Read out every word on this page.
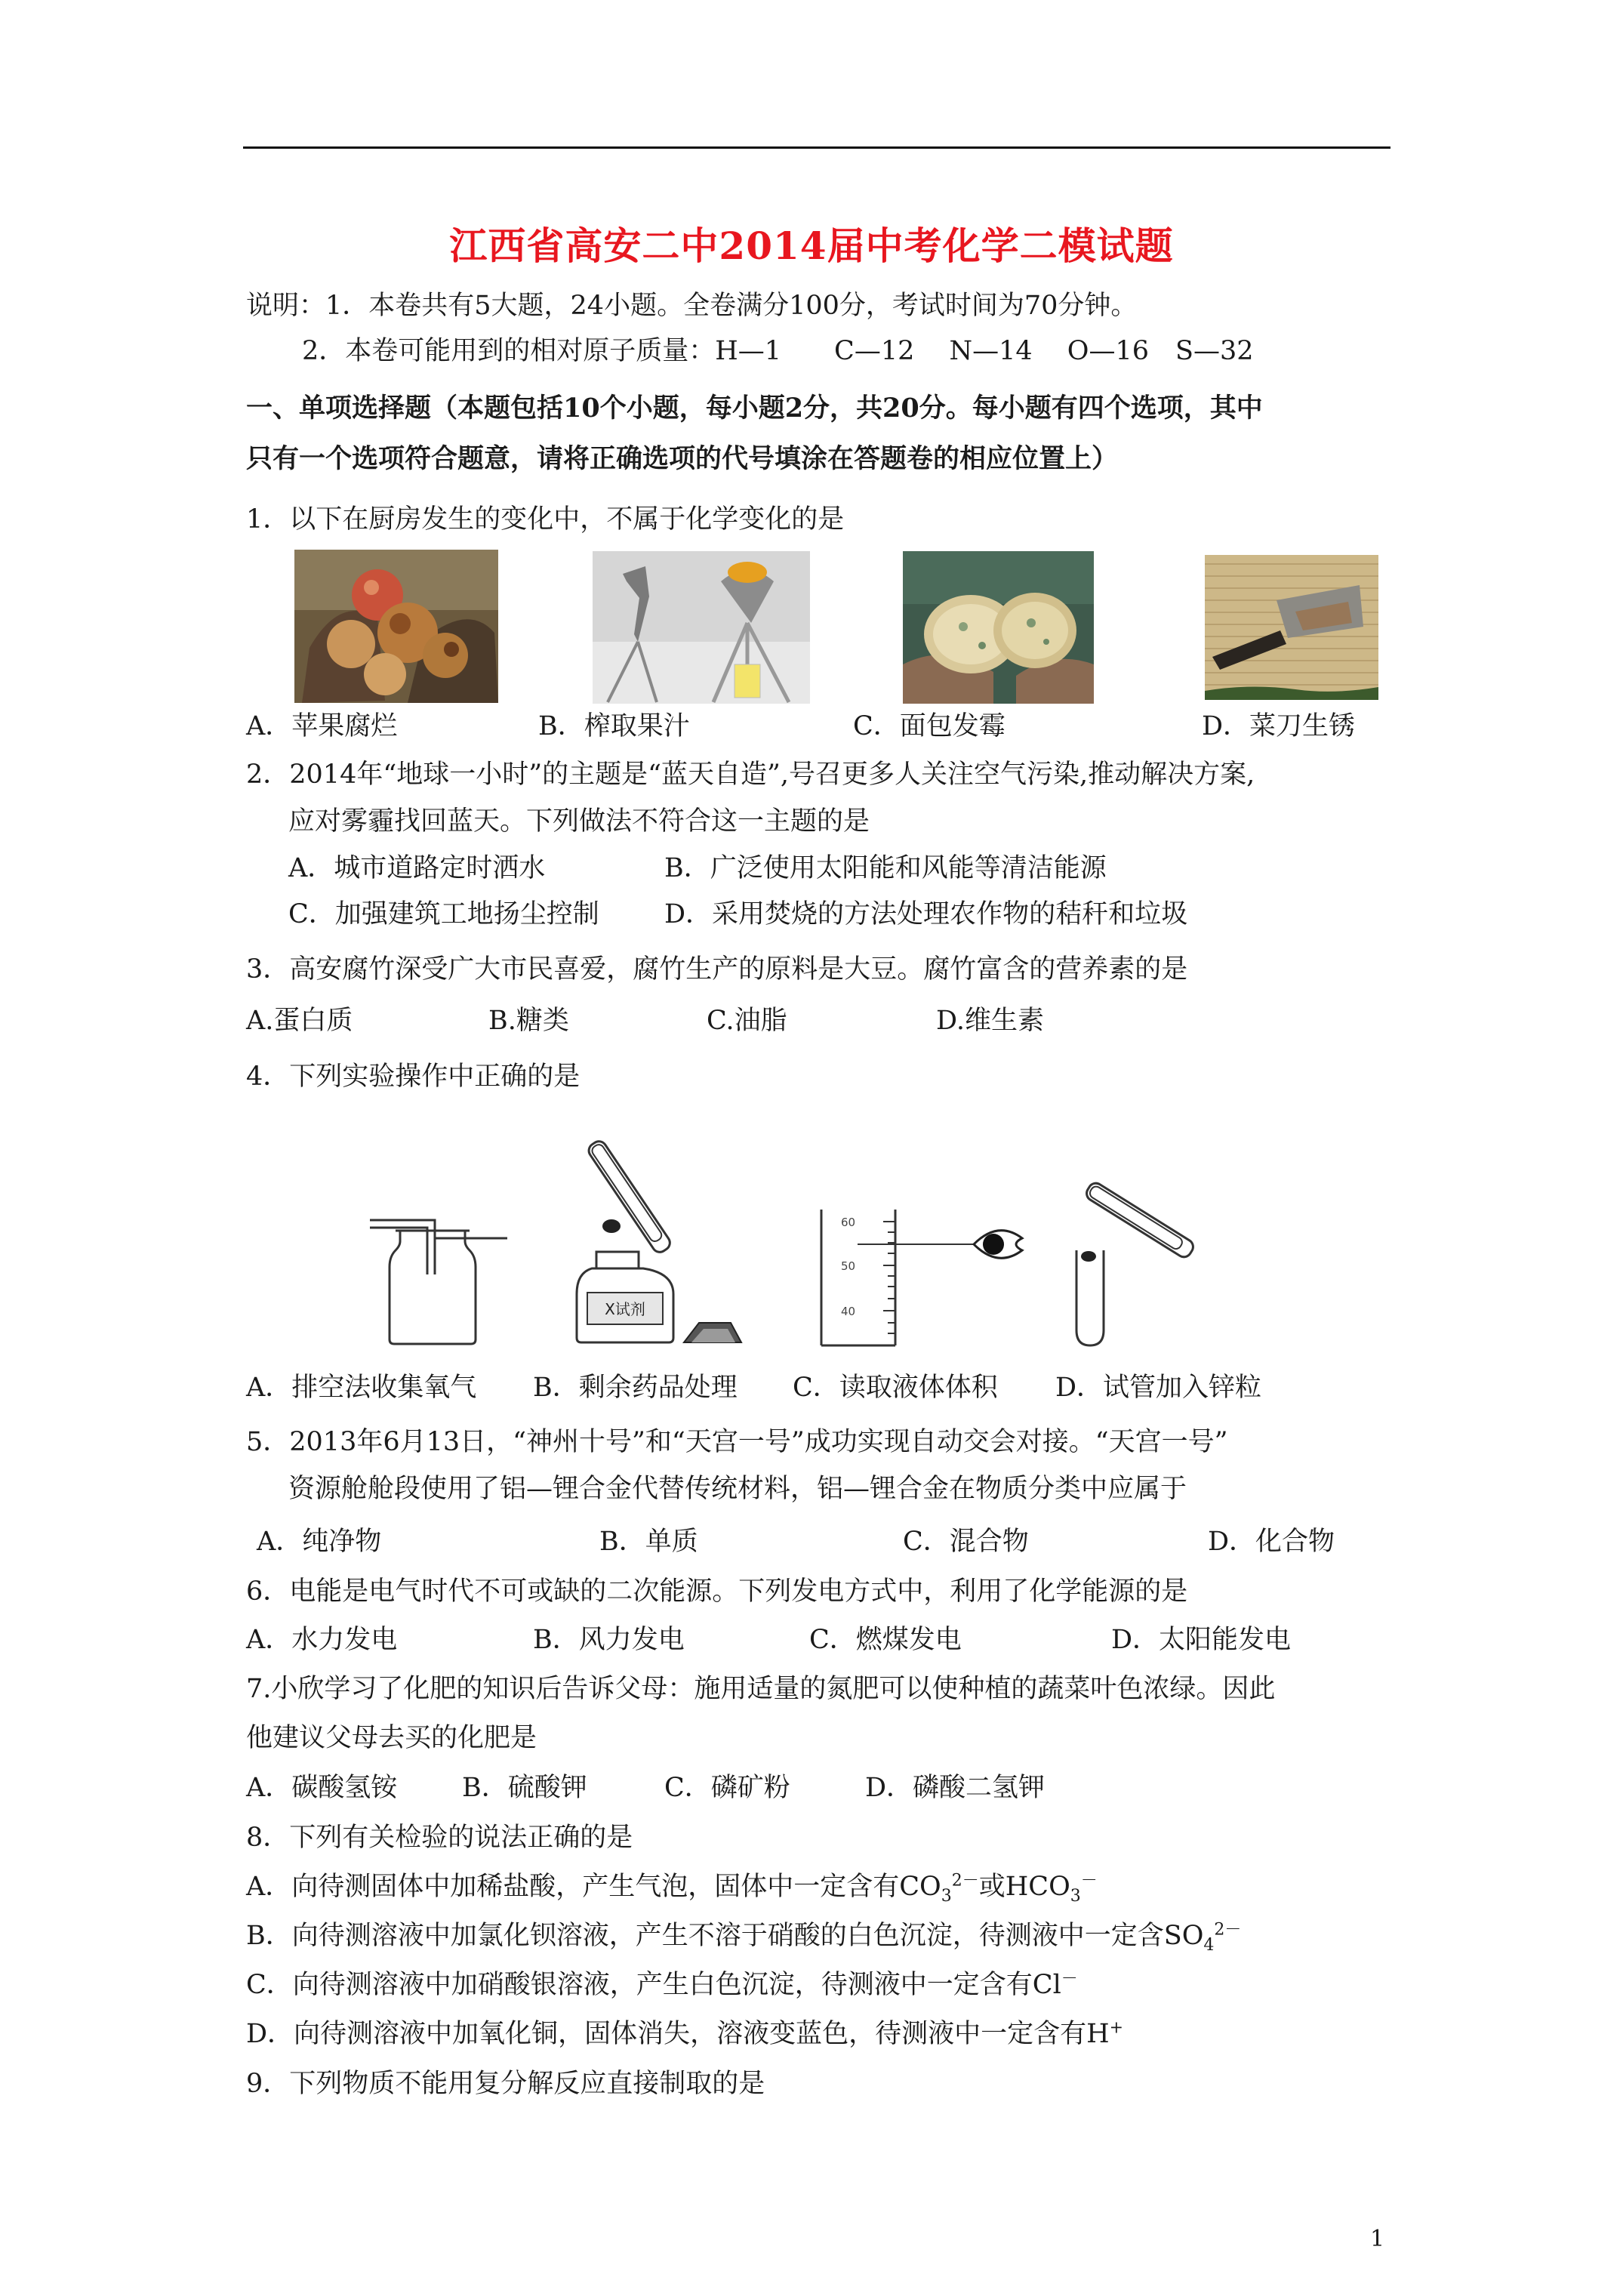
江西省高安二中2014届中考化学二模试题
说明：1．本卷共有5大题，24小题。全卷满分100分，考试时间为70分钟。
2．本卷可能用到的相对原子质量：H—1　　C—12　 N—14　 O—16　S—32
一、单项选择题（本题包括10个小题，每小题2分，共20分。每小题有四个选项，其中
只有一个选项符合题意，请将正确选项的代号填涂在答题卷的相应位置上）
1．以下在厨房发生的变化中，不属于化学变化的是
A．苹果腐烂	B．榨取果汁	C．面包发霉	D．菜刀生锈
2．2014年“地球一小时”的主题是“蓝天自造”,号召更多人关注空气污染,推动解决方案,
应对雾霾找回蓝天。下列做法不符合这一主题的是
A．城市道路定时洒水	B．广泛使用太阳能和风能等清洁能源
C．加强建筑工地扬尘控制 D．采用焚烧的方法处理农作物的秸秆和垃圾
3．高安腐竹深受广大市民喜爱，腐竹生产的原料是大豆。腐竹富含的营养素的是
A.蛋白质	B.糖类	C.油脂	D.维生素
4．下列实验操作中正确的是
X试剂
60
50
40
A．排空法收集氧气 B．剩余药品处理 C．读取液体体积 D．试管加入锌粒
5．2013年6月13日，“神州十号”和“天宫一号”成功实现自动交会对接。“天宫一号”
资源舱舱段使用了铝—锂合金代替传统材料，铝—锂合金在物质分类中应属于
A．纯净物	B．单质	C．混合物	D．化合物
6．电能是电气时代不可或缺的二次能源。下列发电方式中，利用了化学能源的是
A．水力发电	B．风力发电	C．燃煤发电	D．太阳能发电
7.小欣学习了化肥的知识后告诉父母：施用适量的氮肥可以使种植的蔬菜叶色浓绿。因此
他建议父母去买的化肥是
A．碳酸氢铵 B．硫酸钾	C．磷矿粉	D．磷酸二氢钾
8．下列有关检验的说法正确的是
A．向待测固体中加稀盐酸，产生气泡，固体中一定含有$CO_3^{2-}$或$HCO_3^-$
B．向待测溶液中加氯化钡溶液，产生不溶于硝酸的白色沉淀，待测液中一定含$SO_4^{2-}$
C．向待测溶液中加硝酸银溶液，产生白色沉淀，待测液中一定含有Cl－
D．向待测溶液中加氧化铜，固体消失，溶液变蓝色，待测液中一定含有H+
9．下列物质不能用复分解反应直接制取的是
1
